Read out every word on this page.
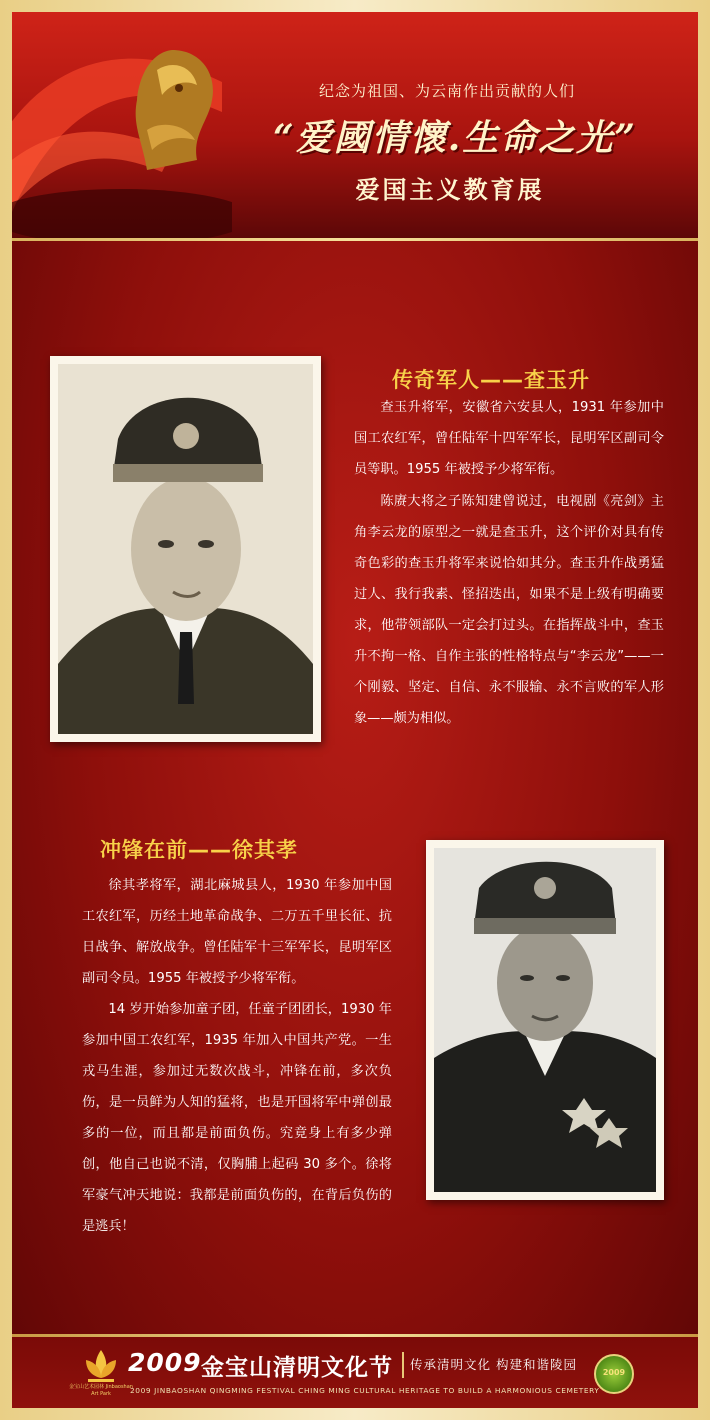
纪念为祖国、为云南作出贡献的人们
“爱國情懷.生命之光”
爱国主义教育展
传奇军人——查玉升

查玉升将军，安徽省六安县人，1931 年参加中国工农红军，曾任陆军十四军军长，昆明军区副司令员等职。1955 年被授予少将军衔。

陈赓大将之子陈知建曾说过，电视剧《亮剑》主角李云龙的原型之一就是查玉升，这个评价对具有传奇色彩的查玉升将军来说恰如其分。查玉升作战勇猛过人、我行我素、怪招迭出，如果不是上级有明确要求，他带领部队一定会打过头。在指挥战斗中，查玉升不拘一格、自作主张的性格特点与“李云龙”——一个刚毅、坚定、自信、永不服输、永不言败的军人形象——颇为相似。

冲锋在前——徐其孝

徐其孝将军，湖北麻城县人，1930 年参加中国工农红军，历经土地革命战争、二万五千里长征、抗日战争、解放战争。曾任陆军十三军军长，昆明军区副司令员。1955 年被授予少将军衔。

14 岁开始参加童子团，任童子团团长，1930 年参加中国工农红军，1935 年加入中国共产党。一生戎马生涯，参加过无数次战斗，冲锋在前，多次负伤，是一员鲜为人知的猛将，也是开国将军中弹创最多的一位，而且都是前面负伤。究竟身上有多少弹创，他自己也说不清，仅胸脯上起码 30 多个。徐将军豪气冲天地说：我都是前面负伤的，在背后负伤的是逃兵！

金宝山艺术园林 Jinbaoshan Art Park
2009 金宝山清明文化节 传承清明文化 构建和谐陵园
2009 JINBAOSHAN QINGMING FESTIVAL CHING MING CULTURAL HERITAGE TO BUILD A HARMONIOUS CEMETERY
2009
